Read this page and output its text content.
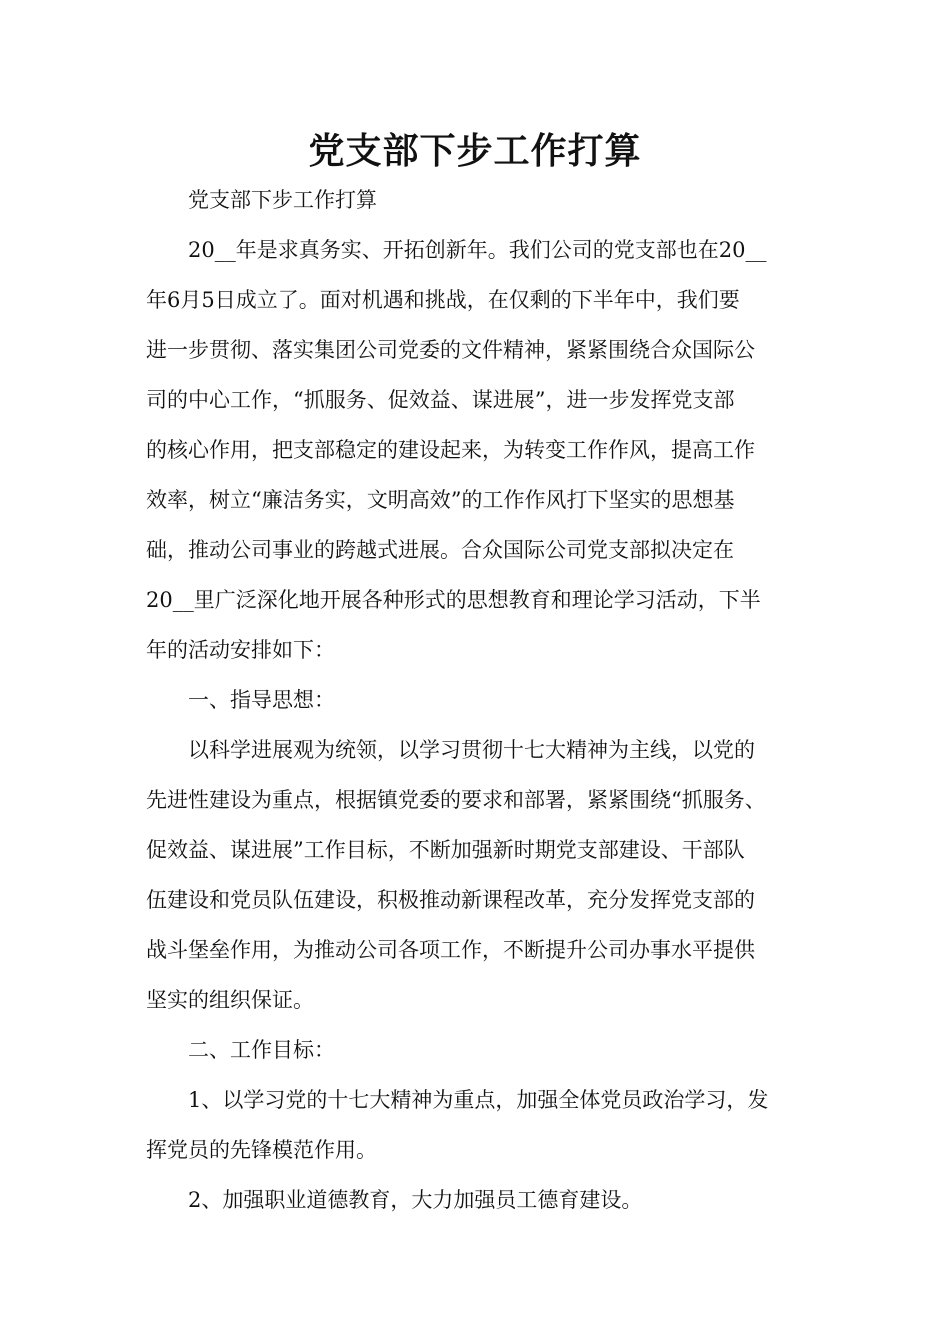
党支部下步工作打算
党支部下步工作打算
20__年是求真务实、开拓创新年。我们公司的党支部也在20__
年6月5日成立了。面对机遇和挑战，在仅剩的下半年中，我们要
进一步贯彻、落实集团公司党委的文件精神，紧紧围绕合众国际公
司的中心工作，“抓服务、促效益、谋进展”，进一步发挥党支部
的核心作用，把支部稳定的建设起来，为转变工作作风，提高工作
效率，树立“廉洁务实，文明高效”的工作作风打下坚实的思想基
础，推动公司事业的跨越式进展。合众国际公司党支部拟决定在
20__里广泛深化地开展各种形式的思想教育和理论学习活动，下半
年的活动安排如下：
一、指导思想：
以科学进展观为统领，以学习贯彻十七大精神为主线，以党的
先进性建设为重点，根据镇党委的要求和部署，紧紧围绕“抓服务、
促效益、谋进展”工作目标，不断加强新时期党支部建设、干部队
伍建设和党员队伍建设，积极推动新课程改革，充分发挥党支部的
战斗堡垒作用，为推动公司各项工作，不断提升公司办事水平提供
坚实的组织保证。
二、工作目标：
1、以学习党的十七大精神为重点，加强全体党员政治学习，发
挥党员的先锋模范作用。
2、加强职业道德教育，大力加强员工德育建设。
